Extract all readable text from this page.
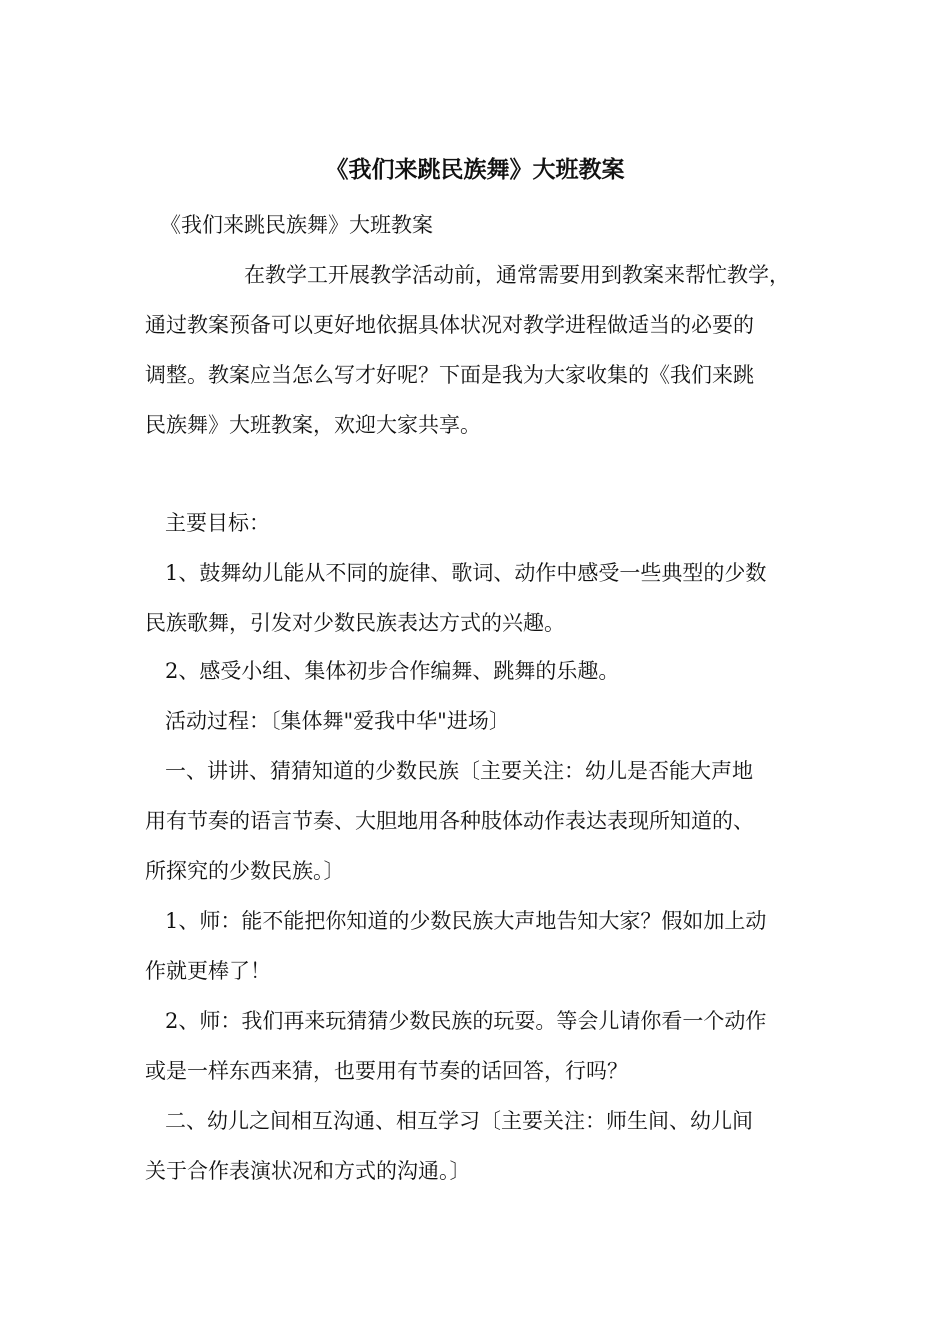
《我们来跳民族舞》大班教案

《我们来跳民族舞》大班教案

在教学工开展教学活动前，通常需要用到教案来帮忙教学，

通过教案预备可以更好地依据具体状况对教学进程做适当的必要的

调整。教案应当怎么写才好呢？下面是我为大家收集的《我们来跳

民族舞》大班教案，欢迎大家共享。

主要目标：

1、鼓舞幼儿能从不同的旋律、歌词、动作中感受一些典型的少数

民族歌舞，引发对少数民族表达方式的兴趣。

2、感受小组、集体初步合作编舞、跳舞的乐趣。

活动过程：〔集体舞"爱我中华"进场〕

一、讲讲、猜猜知道的少数民族〔主要关注：幼儿是否能大声地

用有节奏的语言节奏、大胆地用各种肢体动作表达表现所知道的、

所探究的少数民族。〕

1、师：能不能把你知道的少数民族大声地告知大家？假如加上动

作就更棒了！

2、师：我们再来玩猜猜少数民族的玩耍。等会儿请你看一个动作

或是一样东西来猜，也要用有节奏的话回答，行吗？

二、幼儿之间相互沟通、相互学习〔主要关注：师生间、幼儿间

关于合作表演状况和方式的沟通。〕
